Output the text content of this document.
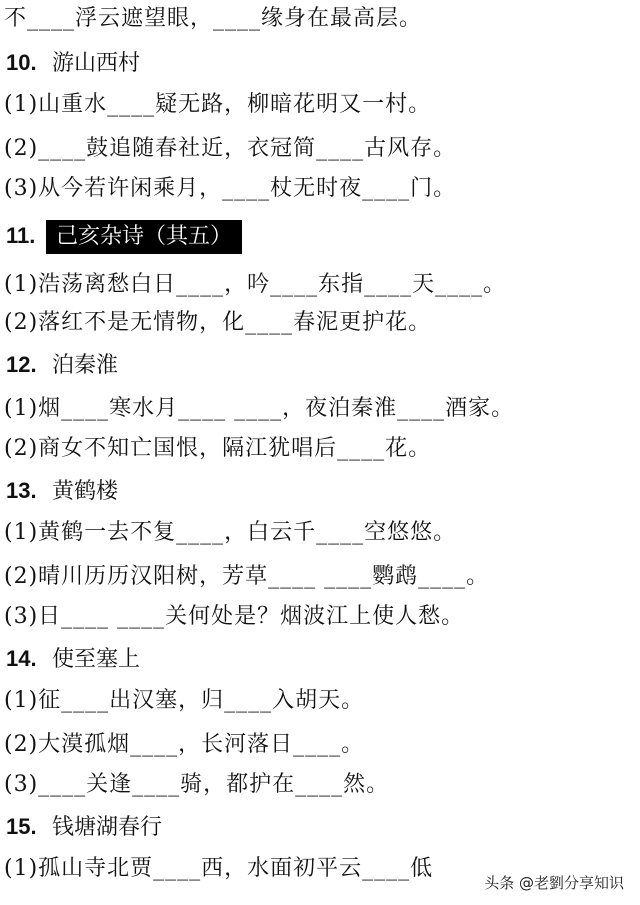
不____浮云遮望眼，____缘身在最高层。
10. 游山西村
(1)山重水____疑无路，柳暗花明又一村。
(2)____鼓追随春社近，衣冠简____古风存。
(3)从今若许闲乘月，____杖无时夜____门。
11. 己亥杂诗（其五）
(1)浩荡离愁白日____，吟____东指____天____。
(2)落红不是无情物，化____春泥更护花。
12. 泊秦淮
(1)烟____寒水月____ ____，夜泊秦淮____酒家。
(2)商女不知亡国恨，隔江犹唱后____花。
13. 黄鹤楼
(1)黄鹤一去不复____，白云千____空悠悠。
(2)晴川历历汉阳树，芳草____ ____鹦鹉____。
(3)日____ ____关何处是？烟波江上使人愁。
14. 使至塞上
(1)征____出汉塞，归____入胡天。
(2)大漠孤烟____，长河落日____。
(3)____关逢____骑，都护在____然。
15. 钱塘湖春行
(1)孤山寺北贾____西，水面初平云____低
头条 @老劉分享知识
